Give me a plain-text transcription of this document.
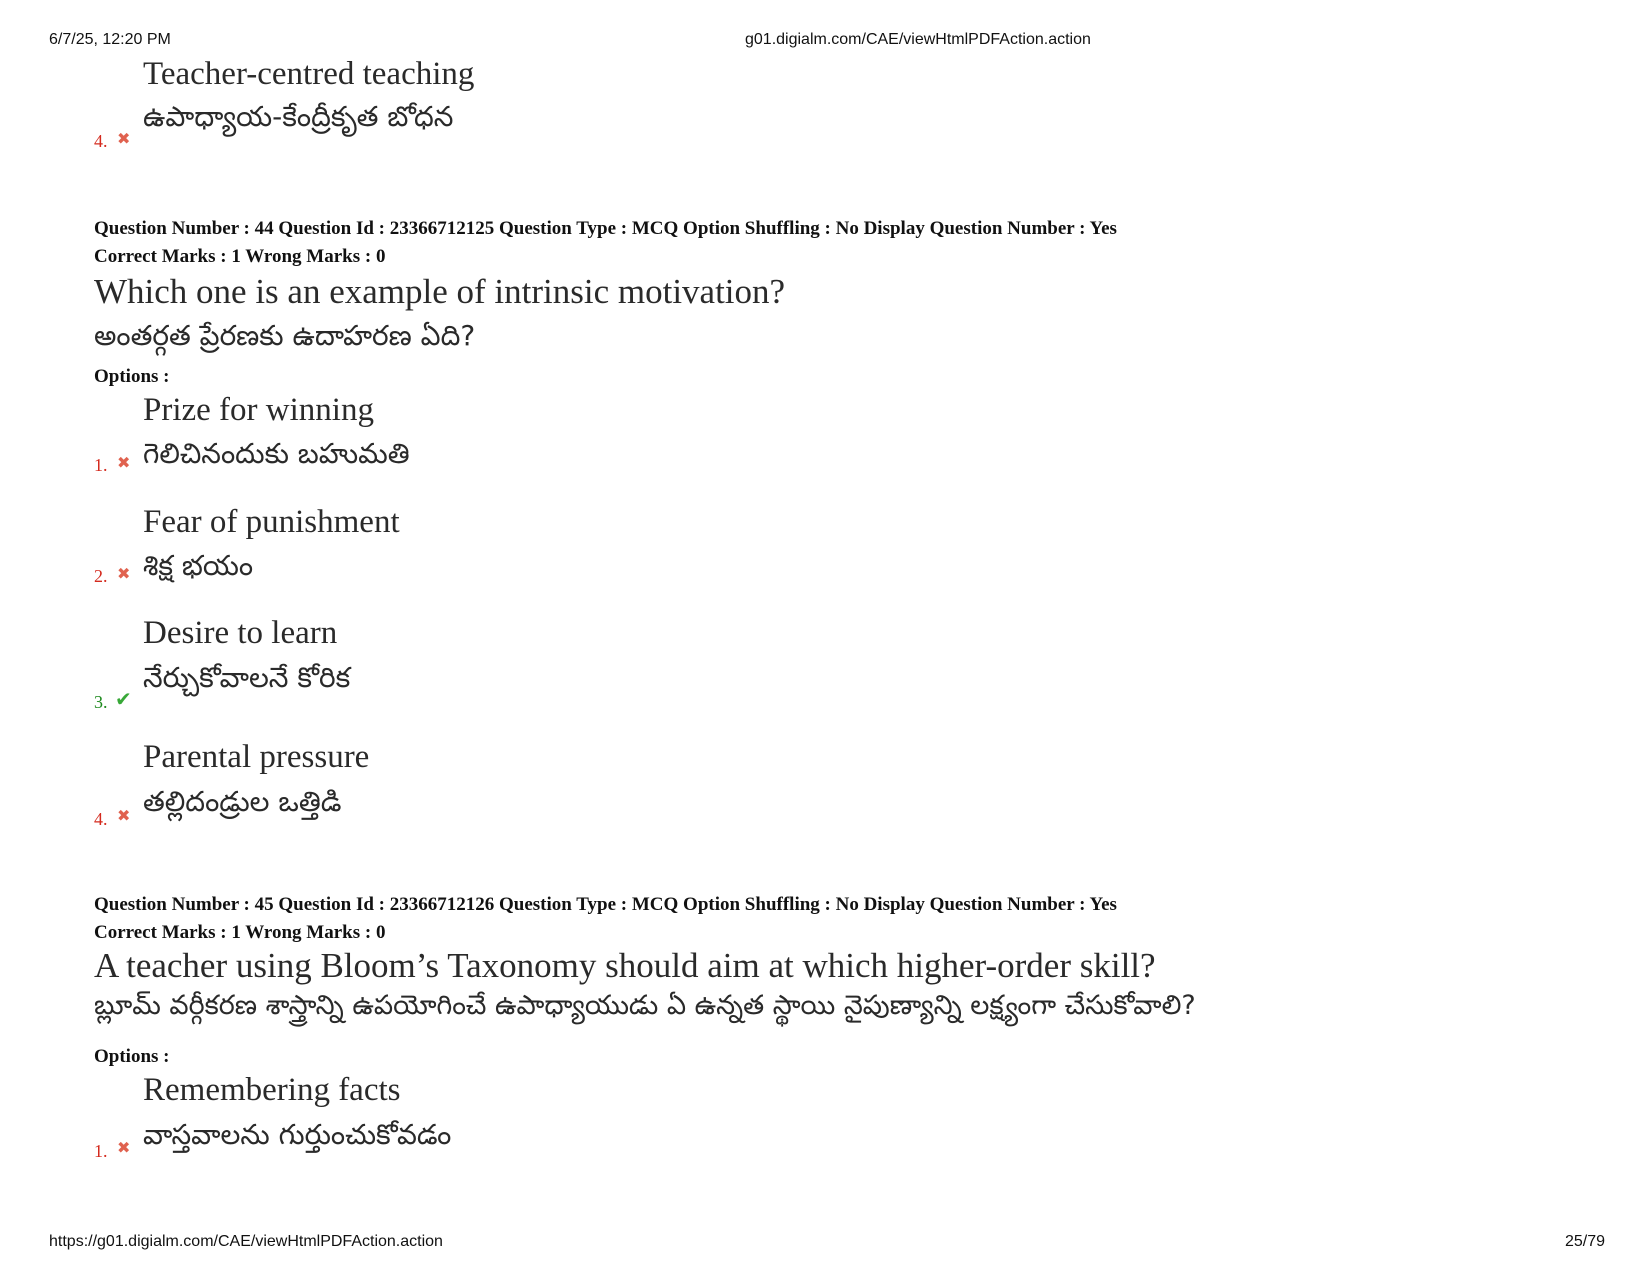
6/7/25, 12:20 PM	g01.digialm.com/CAE/viewHtmlPDFAction.action
Teacher-centred teaching
ఉపాధ్యాయ-కేంద్రీకృత బోధన
4. ✖
Question Number : 44 Question Id : 23366712125 Question Type : MCQ Option Shuffling : No Display Question Number : Yes
Correct Marks : 1 Wrong Marks : 0
Which one is an example of intrinsic motivation?
అంతర్గత ప్రేరణకు ఉదాహరణ ఏది?
Options :
Prize for winning
గెలిచినందుకు బహుమతి
1. ✖
Fear of punishment
శిక్ష భయం
2. ✖
Desire to learn
నేర్చుకోవాలనే కోరిక
3. ✔
Parental pressure
తల్లిదండ్రుల ఒత్తిడి
4. ✖
Question Number : 45 Question Id : 23366712126 Question Type : MCQ Option Shuffling : No Display Question Number : Yes
Correct Marks : 1 Wrong Marks : 0
A teacher using Bloom’s Taxonomy should aim at which higher-order skill?
బ్లూమ్ వర్గీకరణ శాస్త్రాన్ని ఉపయోగించే ఉపాధ్యాయుడు ఏ ఉన్నత స్థాయి నైపుణ్యాన్ని లక్ష్యంగా చేసుకోవాలి?
Options :
Remembering facts
వాస్తవాలను గుర్తుంచుకోవడం
1. ✖
https://g01.digialm.com/CAE/viewHtmlPDFAction.action	25/79
